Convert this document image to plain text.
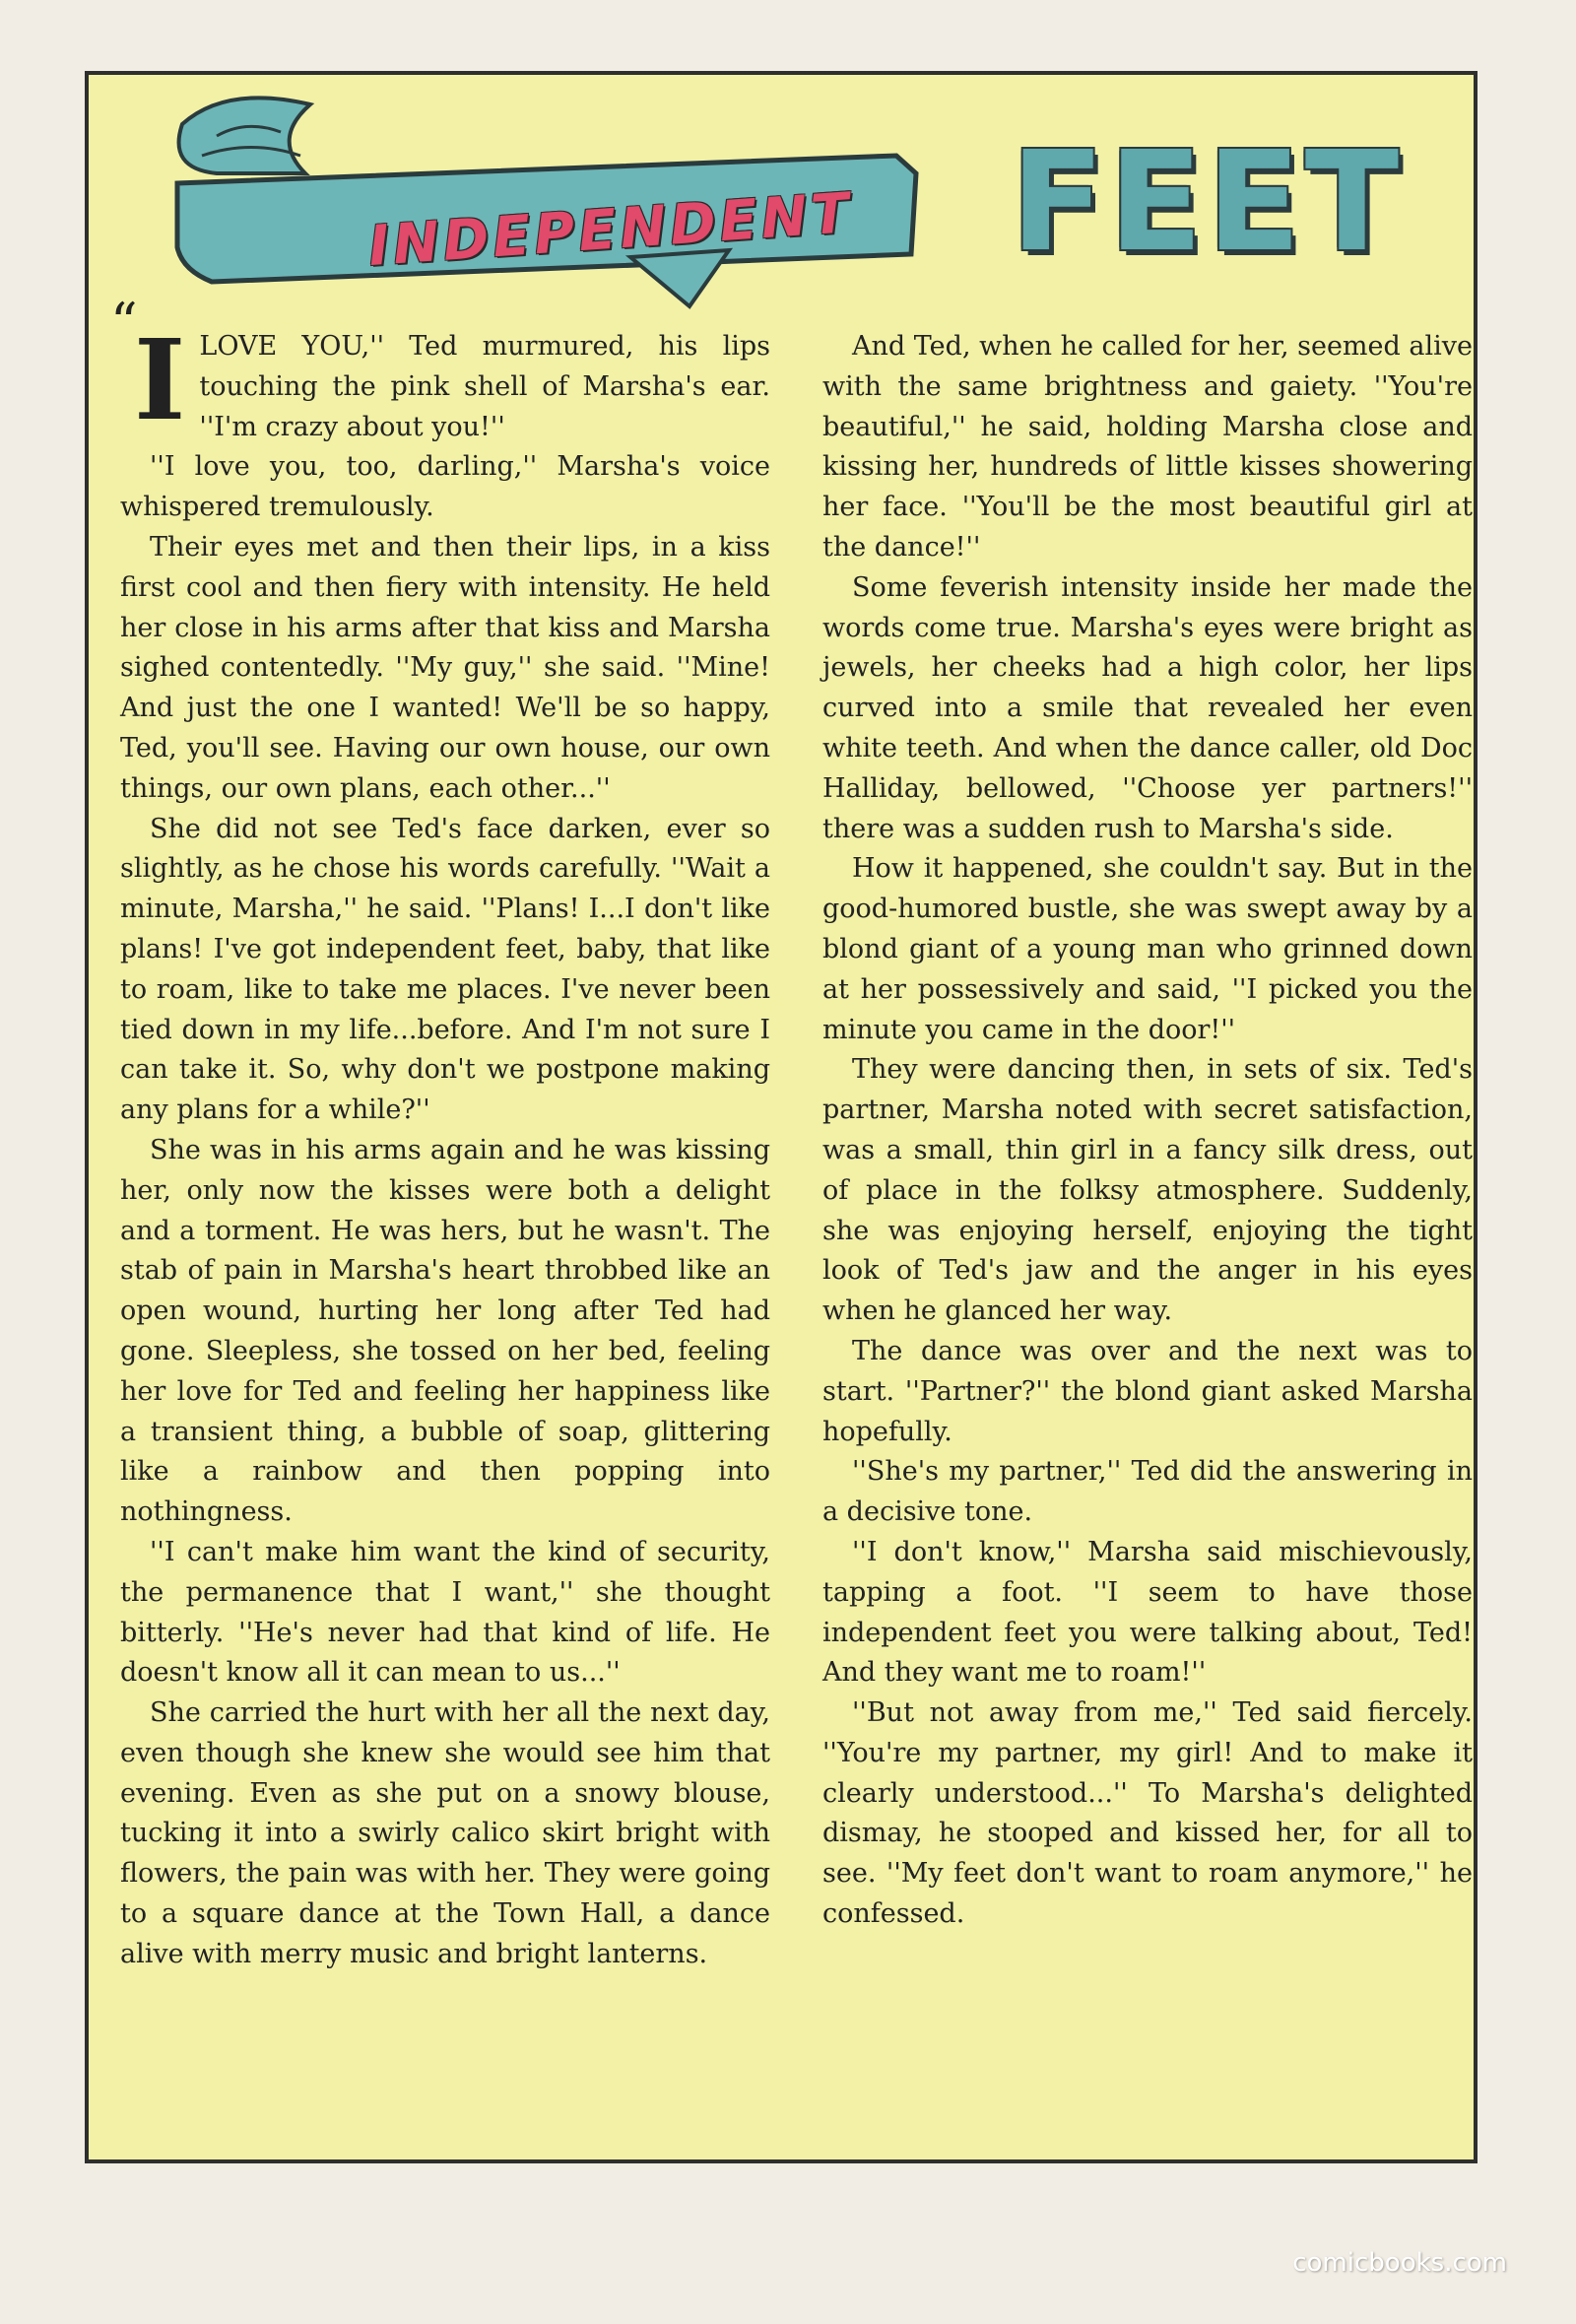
INDEPENDENT	FEET

“
I LOVE YOU,'' Ted murmured, his lips touching the pink shell of Marsha's ear. ''I'm crazy about you!''

''I love you, too, darling,'' Marsha's voice whispered tremulously.

Their eyes met and then their lips, in a kiss first cool and then fiery with intensity. He held her close in his arms after that kiss and Marsha sighed contentedly. ''My guy,'' she said. ''Mine! And just the one I wanted! We'll be so happy, Ted, you'll see. Having our own house, our own things, our own plans, each other...''

She did not see Ted's face darken, ever so slightly, as he chose his words carefully. ''Wait a minute, Marsha,'' he said. ''Plans! I...I don't like plans! I've got independent feet, baby, that like to roam, like to take me places. I've never been tied down in my life...before. And I'm not sure I can take it. So, why don't we postpone making any plans for a while?''

She was in his arms again and he was kissing her, only now the kisses were both a delight and a torment. He was hers, but he wasn't. The stab of pain in Marsha's heart throbbed like an open wound, hurting her long after Ted had gone. Sleepless, she tossed on her bed, feeling her love for Ted and feeling her happiness like a transient thing, a bubble of soap, glittering like a rainbow and then popping into nothingness.

''I can't make him want the kind of security, the permanence that I want,'' she thought bitterly. ''He's never had that kind of life. He doesn't know all it can mean to us...''

She carried the hurt with her all the next day, even though she knew she would see him that evening. Even as she put on a snowy blouse, tucking it into a swirly calico skirt bright with flowers, the pain was with her. They were going to a square dance at the Town Hall, a dance alive with merry music and bright lanterns.

And Ted, when he called for her, seemed alive with the same brightness and gaiety. ''You're beautiful,'' he said, holding Marsha close and kissing her, hundreds of little kisses showering her face. ''You'll be the most beautiful girl at the dance!''

Some feverish intensity inside her made the words come true. Marsha's eyes were bright as jewels, her cheeks had a high color, her lips curved into a smile that revealed her even white teeth. And when the dance caller, old Doc Halliday, bellowed, ''Choose yer partners!'' there was a sudden rush to Marsha's side.

How it happened, she couldn't say. But in the good-humored bustle, she was swept away by a blond giant of a young man who grinned down at her possessively and said, ''I picked you the minute you came in the door!''

They were dancing then, in sets of six. Ted's partner, Marsha noted with secret satisfaction, was a small, thin girl in a fancy silk dress, out of place in the folksy atmosphere. Suddenly, she was enjoying herself, enjoying the tight look of Ted's jaw and the anger in his eyes when he glanced her way.

The dance was over and the next was to start. ''Partner?'' the blond giant asked Marsha hopefully.

''She's my partner,'' Ted did the answering in a decisive tone.

''I don't know,'' Marsha said mischievously, tapping a foot. ''I seem to have those independent feet you were talking about, Ted! And they want me to roam!''

''But not away from me,'' Ted said fiercely. ''You're my partner, my girl! And to make it clearly understood...'' To Marsha's delighted dismay, he stooped and kissed her, for all to see. ''My feet don't want to roam anymore,'' he confessed.

comicbooks.com
